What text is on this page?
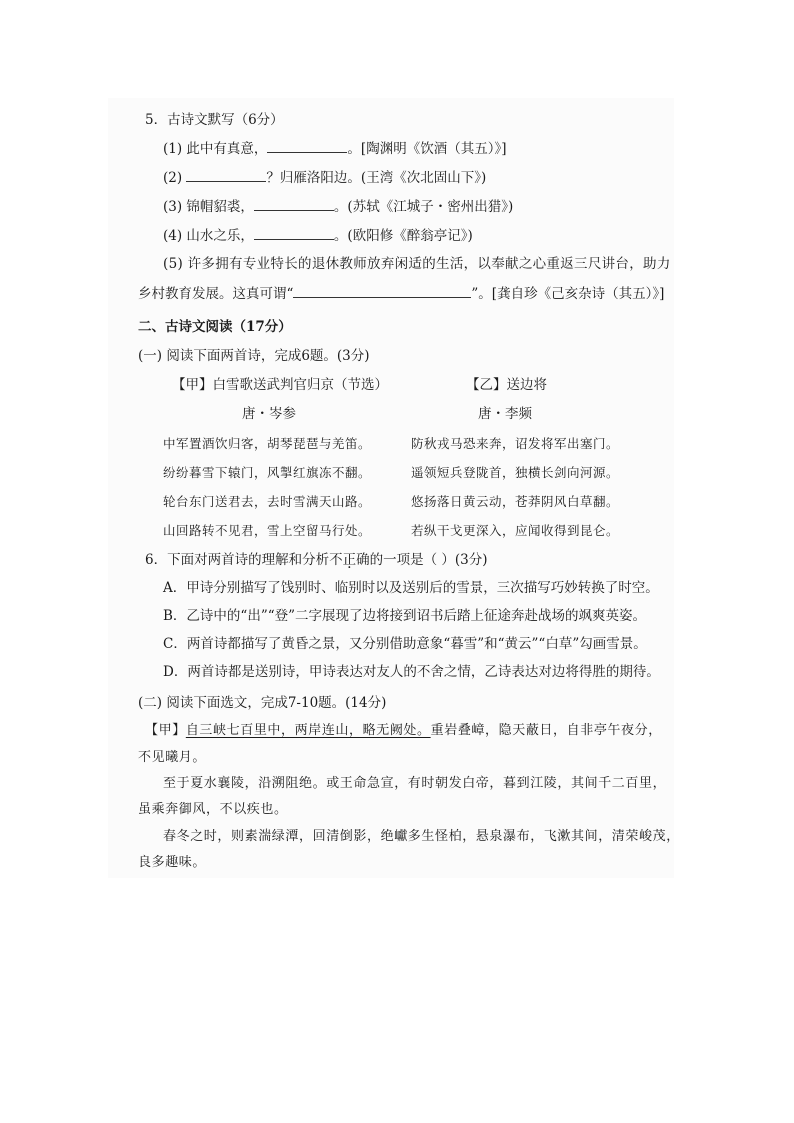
5．古诗文默写（6分）
(1) 此中有真意，	。[陶渊明《饮酒（其五）》]
(2)	？归雁洛阳边。(王湾《次北固山下》)
(3) 锦帽貂裘，	。(苏轼《江城子・密州出猎》)
(4) 山水之乐，	。(欧阳修《醉翁亭记》)
(5) 许多拥有专业特长的退休教师放弃闲适的生活，以奉献之心重返三尺讲台，助力
乡村教育发展。这真可谓“	”。[龚自珍《己亥杂诗（其五）》]
二、古诗文阅读（17分）
(一) 阅读下面两首诗，完成6题。(3分)
【甲】白雪歌送武判官归京（节选）	【乙】送边将
唐・岑参	唐・李频
中军置酒饮归客，胡琴琵琶与羌笛。
纷纷暮雪下辕门，风掣红旗冻不翻。
轮台东门送君去，去时雪满天山路。
山回路转不见君，雪上空留马行处。
防秋戎马恐来奔，诏发将军出塞门。
遥领短兵登陇首，独横长剑向河源。
悠扬落日黄云动，苍莽阴风白草翻。
若纵干戈更深入，应闻收得到昆仑。
6．下面对两首诗的理解和分析不正确的一项是（ ）(3分)
A．甲诗分别描写了饯别时、临别时以及送别后的雪景，三次描写巧妙转换了时空。
B．乙诗中的“出”“登”二字展现了边将接到诏书后踏上征途奔赴战场的飒爽英姿。
C．两首诗都描写了黄昏之景，又分别借助意象“暮雪”和“黄云”“白草”勾画雪景。
D．两首诗都是送别诗，甲诗表达对友人的不舍之情，乙诗表达对边将得胜的期待。
(二) 阅读下面选文，完成7-10题。(14分)
【甲】自三峡七百里中，两岸连山，略无阙处。重岩叠嶂，隐天蔽日，自非亭午夜分，
不见曦月。
至于夏水襄陵，沿溯阻绝。或王命急宣，有时朝发白帝，暮到江陵，其间千二百里，
虽乘奔御风，不以疾也。
春冬之时，则素湍绿潭，回清倒影，绝巘多生怪柏，悬泉瀑布，飞漱其间，清荣峻茂，
良多趣味。
